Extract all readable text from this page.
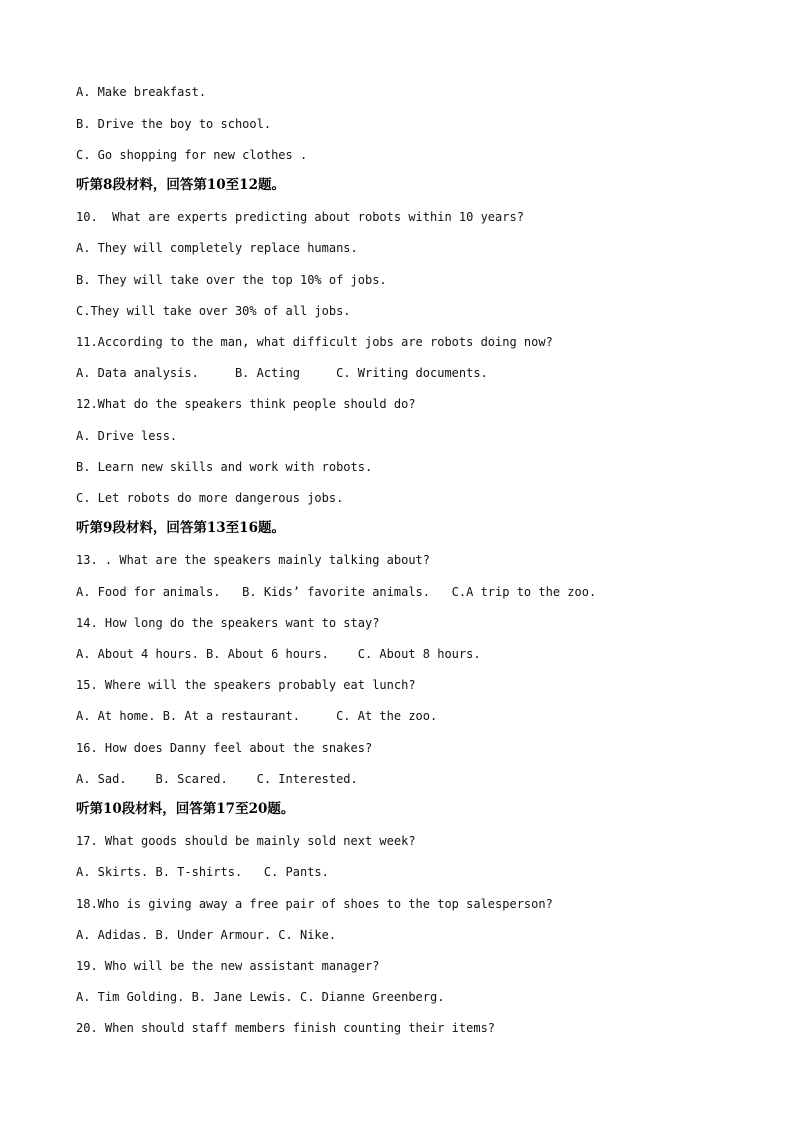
A. Make breakfast.
B. Drive the boy to school.
C. Go shopping for new clothes .
听第8段材料，回答第10至12题。
10.  What are experts predicting about robots within 10 years?
A. They will completely replace humans.
B. They will take over the top 10% of jobs.
C.They will take over 30% of all jobs.
11.According to the man, what difficult jobs are robots doing now?
A. Data analysis.     B. Acting     C. Writing documents.
12.What do the speakers think people should do?
A. Drive less.
B. Learn new skills and work with robots.
C. Let robots do more dangerous jobs.
听第9段材料，回答第13至16题。
13. . What are the speakers mainly talking about?
A. Food for animals.   B. Kids’ favorite animals.   C.A trip to the zoo.
14. How long do the speakers want to stay?
A. About 4 hours. B. About 6 hours.    C. About 8 hours.
15. Where will the speakers probably eat lunch?
A. At home. B. At a restaurant.     C. At the zoo.
16. How does Danny feel about the snakes?
A. Sad.    B. Scared.    C. Interested.
听第10段材料，回答第17至20题。
17. What goods should be mainly sold next week?
A. Skirts. B. T-shirts.   C. Pants.
18.Who is giving away a free pair of shoes to the top salesperson?
A. Adidas. B. Under Armour. C. Nike.
19. Who will be the new assistant manager?
A. Tim Golding. B. Jane Lewis. C. Dianne Greenberg.
20. When should staff members finish counting their items?
